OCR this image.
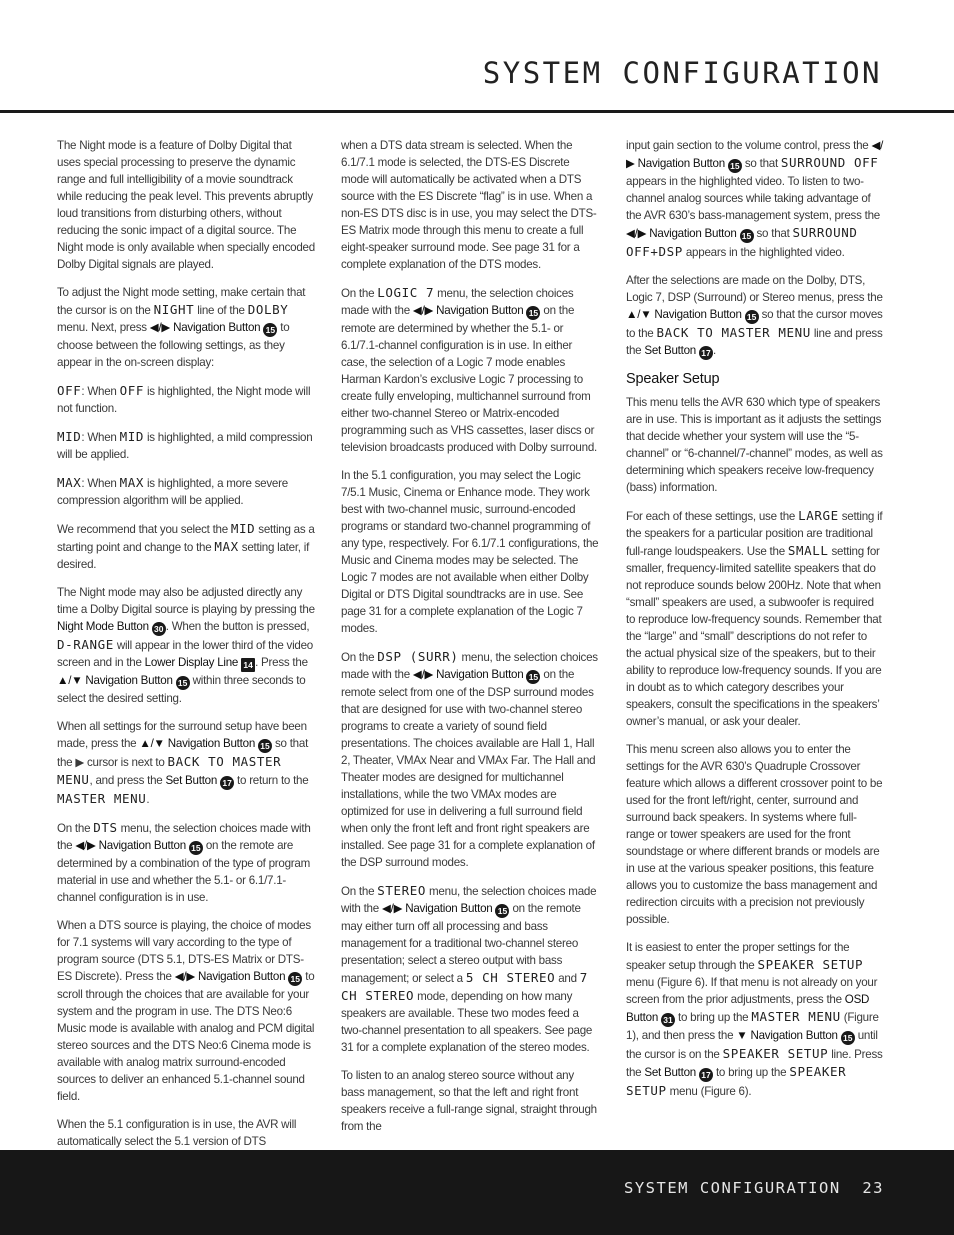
SYSTEM CONFIGURATION

The Night mode is a feature of Dolby Digital that uses special processing to preserve the dynamic range and full intelligibility of a movie soundtrack while reducing the peak level. This prevents abruptly loud transitions from disturbing others, without reducing the sonic impact of a digital source. The Night mode is only available when specially encoded Dolby Digital signals are played.

To adjust the Night mode setting, make certain that the cursor is on the NIGHT line of the DOLBY menu. Next, press ◀/▶ Navigation Button 15 to choose between the following settings, as they appear in the on-screen display:

OFF: When OFF is highlighted, the Night mode will not function.

MID: When MID is highlighted, a mild compression will be applied.

MAX: When MAX is highlighted, a more severe compression algorithm will be applied.

We recommend that you select the MID setting as a starting point and change to the MAX setting later, if desired.

The Night mode may also be adjusted directly any time a Dolby Digital source is playing by pressing the Night Mode Button 30 . When the button is pressed, D-RANGE will appear in the lower third of the video screen and in the Lower Display Line 14 . Press the ▲/▼ Navigation Button 15 within three seconds to select the desired setting.

When all settings for the surround setup have been made, press the ▲/▼ Navigation Button 15 so that the ▶ cursor is next to BACK TO MASTER MENU, and press the Set Button 17 to return to the MASTER MENU.

On the DTS menu, the selection choices made with the ◀/▶ Navigation Button 15 on the remote are determined by a combination of the type of program material in use and whether the 5.1- or 6.1/7.1-channel configuration is in use.

When a DTS source is playing, the choice of modes for 7.1 systems will vary according to the type of program source (DTS 5.1, DTS-ES Matrix or DTS-ES Discrete). Press the ◀/▶ Navigation Button 15 to scroll through the choices that are available for your system and the program in use. The DTS Neo:6 Music mode is available with analog and PCM digital stereo sources and the DTS Neo:6 Cinema mode is available with analog matrix surround-encoded sources to deliver an enhanced 5.1-channel sound field.

When the 5.1 configuration is in use, the AVR will automatically select the 5.1 version of DTS

when a DTS data stream is selected. When the 6.1/7.1 mode is selected, the DTS-ES Discrete mode will automatically be activated when a DTS source with the ES Discrete “flag” is in use. When a non-ES DTS disc is in use, you may select the DTS-ES Matrix mode through this menu to create a full eight-speaker surround mode. See page 31 for a complete explanation of the DTS modes.

On the LOGIC 7 menu, the selection choices made with the ◀/▶ Navigation Button 15 on the remote are determined by whether the 5.1- or 6.1/7.1-channel configuration is in use. In either case, the selection of a Logic 7 mode enables Harman Kardon’s exclusive Logic 7 processing to create fully enveloping, multichannel surround from either two-channel Stereo or Matrix-encoded programming such as VHS cassettes, laser discs or television broadcasts produced with Dolby surround.

In the 5.1 configuration, you may select the Logic 7/5.1 Music, Cinema or Enhance mode. They work best with two-channel music, surround-encoded programs or standard two-channel programming of any type, respectively. For 6.1/7.1 configurations, the Music and Cinema modes may be selected. The Logic 7 modes are not available when either Dolby Digital or DTS Digital soundtracks are in use. See page 31 for a complete explanation of the Logic 7 modes.

On the DSP (SURR) menu, the selection choices made with the ◀/▶ Navigation Button 15 on the remote select from one of the DSP surround modes that are designed for use with two-channel stereo programs to create a variety of sound field presentations. The choices available are Hall 1, Hall 2, Theater, VMAx Near and VMAx Far. The Hall and Theater modes are designed for multichannel installations, while the two VMAx modes are optimized for use in delivering a full surround field when only the front left and front right speakers are installed. See page 31 for a complete explanation of the DSP surround modes.

On the STEREO menu, the selection choices made with the ◀/▶ Navigation Button 15 on the remote may either turn off all processing and bass management for a traditional two-channel stereo presentation; select a stereo output with bass management; or select a 5 CH STEREO and 7 CH STEREO mode, depending on how many speakers are available. These two modes feed a two-channel presentation to all speakers. See page 31 for a complete explanation of the stereo modes.

To listen to an analog stereo source without any bass management, so that the left and right front speakers receive a full-range signal, straight through from the

input gain section to the volume control, press the ◀/▶ Navigation Button 15 so that SURROUND OFF appears in the highlighted video. To listen to two-channel analog sources while taking advantage of the AVR 630’s bass-management system, press the ◀/▶ Navigation Button 15 so that SURROUND OFF+DSP appears in the highlighted video.

After the selections are made on the Dolby, DTS, Logic 7, DSP (Surround) or Stereo menus, press the ▲/▼ Navigation Button 15 so that the cursor moves to the BACK TO MASTER MENU line and press the Set Button 17 .

Speaker Setup

This menu tells the AVR 630 which type of speakers are in use. This is important as it adjusts the settings that decide whether your system will use the “5-channel” or “6-channel/7-channel” modes, as well as determining which speakers receive low-frequency (bass) information.

For each of these settings, use the LARGE setting if the speakers for a particular position are traditional full-range loudspeakers. Use the SMALL setting for smaller, frequency-limited satellite speakers that do not reproduce sounds below 200Hz. Note that when “small” speakers are used, a subwoofer is required to reproduce low-frequency sounds. Remember that the “large” and “small” descriptions do not refer to the actual physical size of the speakers, but to their ability to reproduce low-frequency sounds. If you are in doubt as to which category describes your speakers, consult the specifications in the speakers’ owner’s manual, or ask your dealer.

This menu screen also allows you to enter the settings for the AVR 630’s Quadruple Crossover feature which allows a different crossover point to be used for the front left/right, center, surround and surround back speakers. In systems where full-range or tower speakers are used for the front soundstage or where different brands or models are in use at the various speaker positions, this feature allows you to customize the bass management and redirection circuits with a precision not previously possible.

It is easiest to enter the proper settings for the speaker setup through the SPEAKER SETUP menu (Figure 6). If that menu is not already on your screen from the prior adjustments, press the OSD Button 31 to bring up the MASTER MENU (Figure 1), and then press the ▼ Navigation Button 15 until the cursor is on the SPEAKER SETUP line. Press the Set Button 17 to bring up the SPEAKER SETUP menu (Figure 6).

SYSTEM CONFIGURATION 23
